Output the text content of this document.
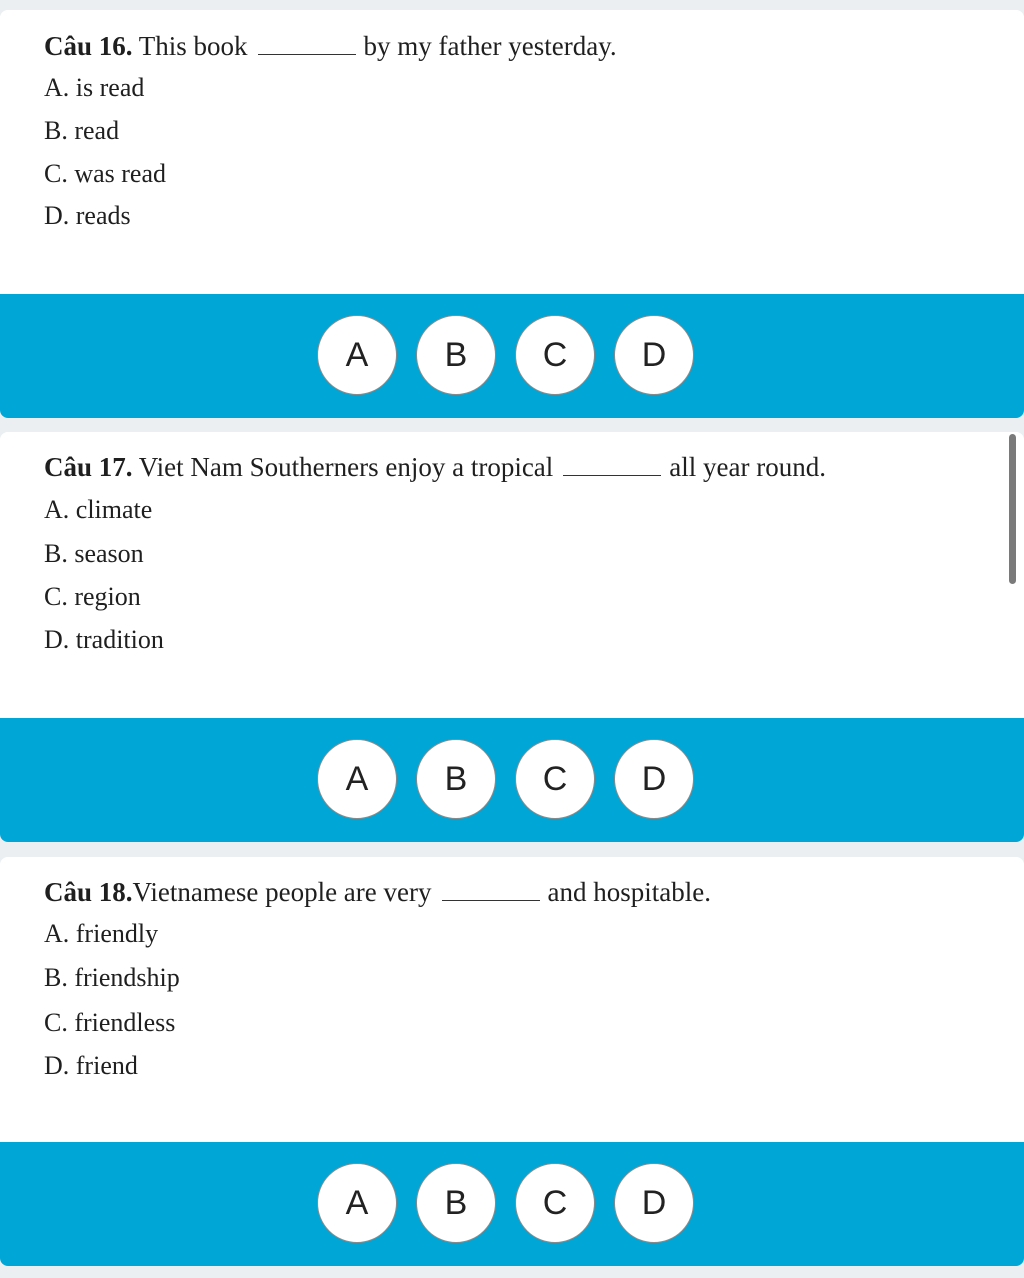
Câu 16. This book	by my father yesterday.
A. is read
B. read
C. was read
D. reads
A	B	C	D
Câu 17. Viet Nam Southerners enjoy a tropical	all year round.
A. climate
B. season
C. region
D. tradition
A	B	C	D
Câu 18.Vietnamese people are very	and hospitable.
A. friendly
B. friendship
C. friendless
D. friend
A	B	C	D
